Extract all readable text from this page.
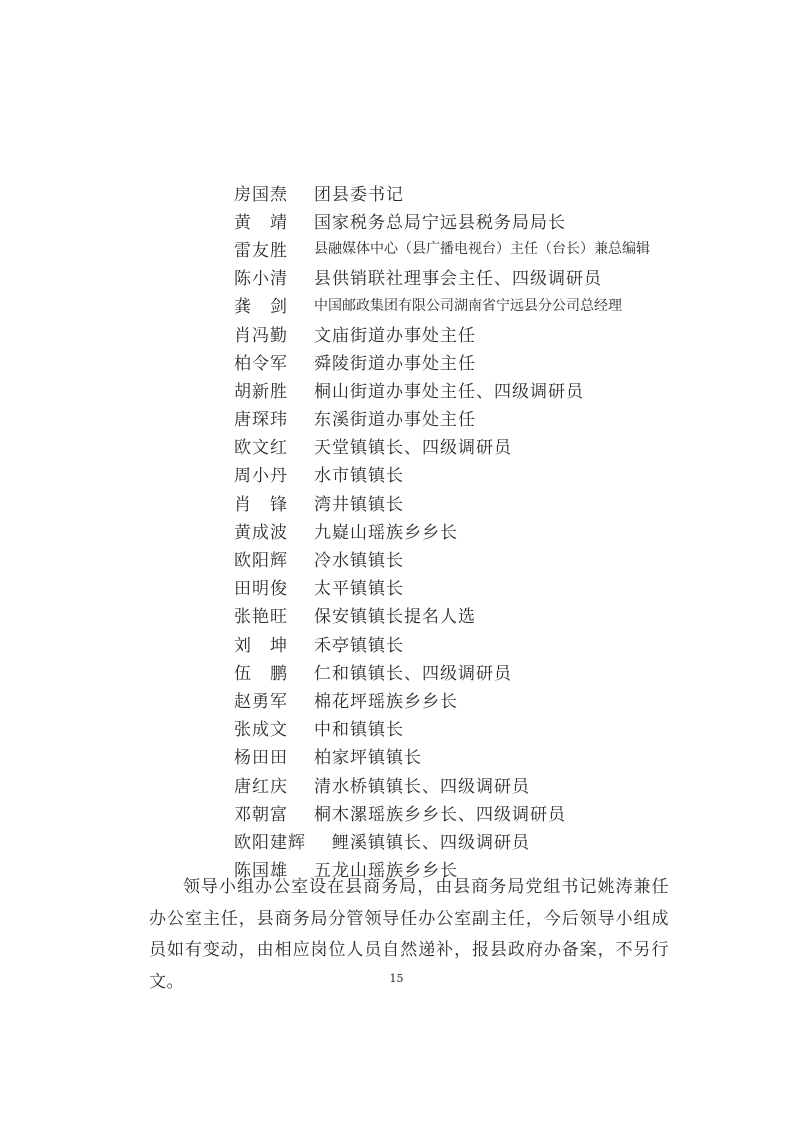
房国焘	团县委书记
黄　靖	国家税务总局宁远县税务局局长
雷友胜	县融媒体中心（县广播电视台）主任（台长）兼总编辑
陈小清	县供销联社理事会主任、四级调研员
龚　剑	中国邮政集团有限公司湖南省宁远县分公司总经理
肖冯勤	文庙街道办事处主任
柏令军	舜陵街道办事处主任
胡新胜	桐山街道办事处主任、四级调研员
唐琛玮	东溪街道办事处主任
欧文红	天堂镇镇长、四级调研员
周小丹	水市镇镇长
肖　锋	湾井镇镇长
黄成波	九嶷山瑶族乡乡长
欧阳辉	冷水镇镇长
田明俊	太平镇镇长
张艳旺	保安镇镇长提名人选
刘　坤	禾亭镇镇长
伍　鹏	仁和镇镇长、四级调研员
赵勇军	棉花坪瑶族乡乡长
张成文	中和镇镇长
杨田田	柏家坪镇镇长
唐红庆	清水桥镇镇长、四级调研员
邓朝富	桐木漯瑶族乡乡长、四级调研员
欧阳建辉	鲤溪镇镇长、四级调研员
陈国雄	五龙山瑶族乡乡长
领导小组办公室设在县商务局，由县商务局党组书记姚涛兼任办公室主任，县商务局分管领导任办公室副主任，今后领导小组成员如有变动，由相应岗位人员自然递补，报县政府办备案，不另行文。	15
